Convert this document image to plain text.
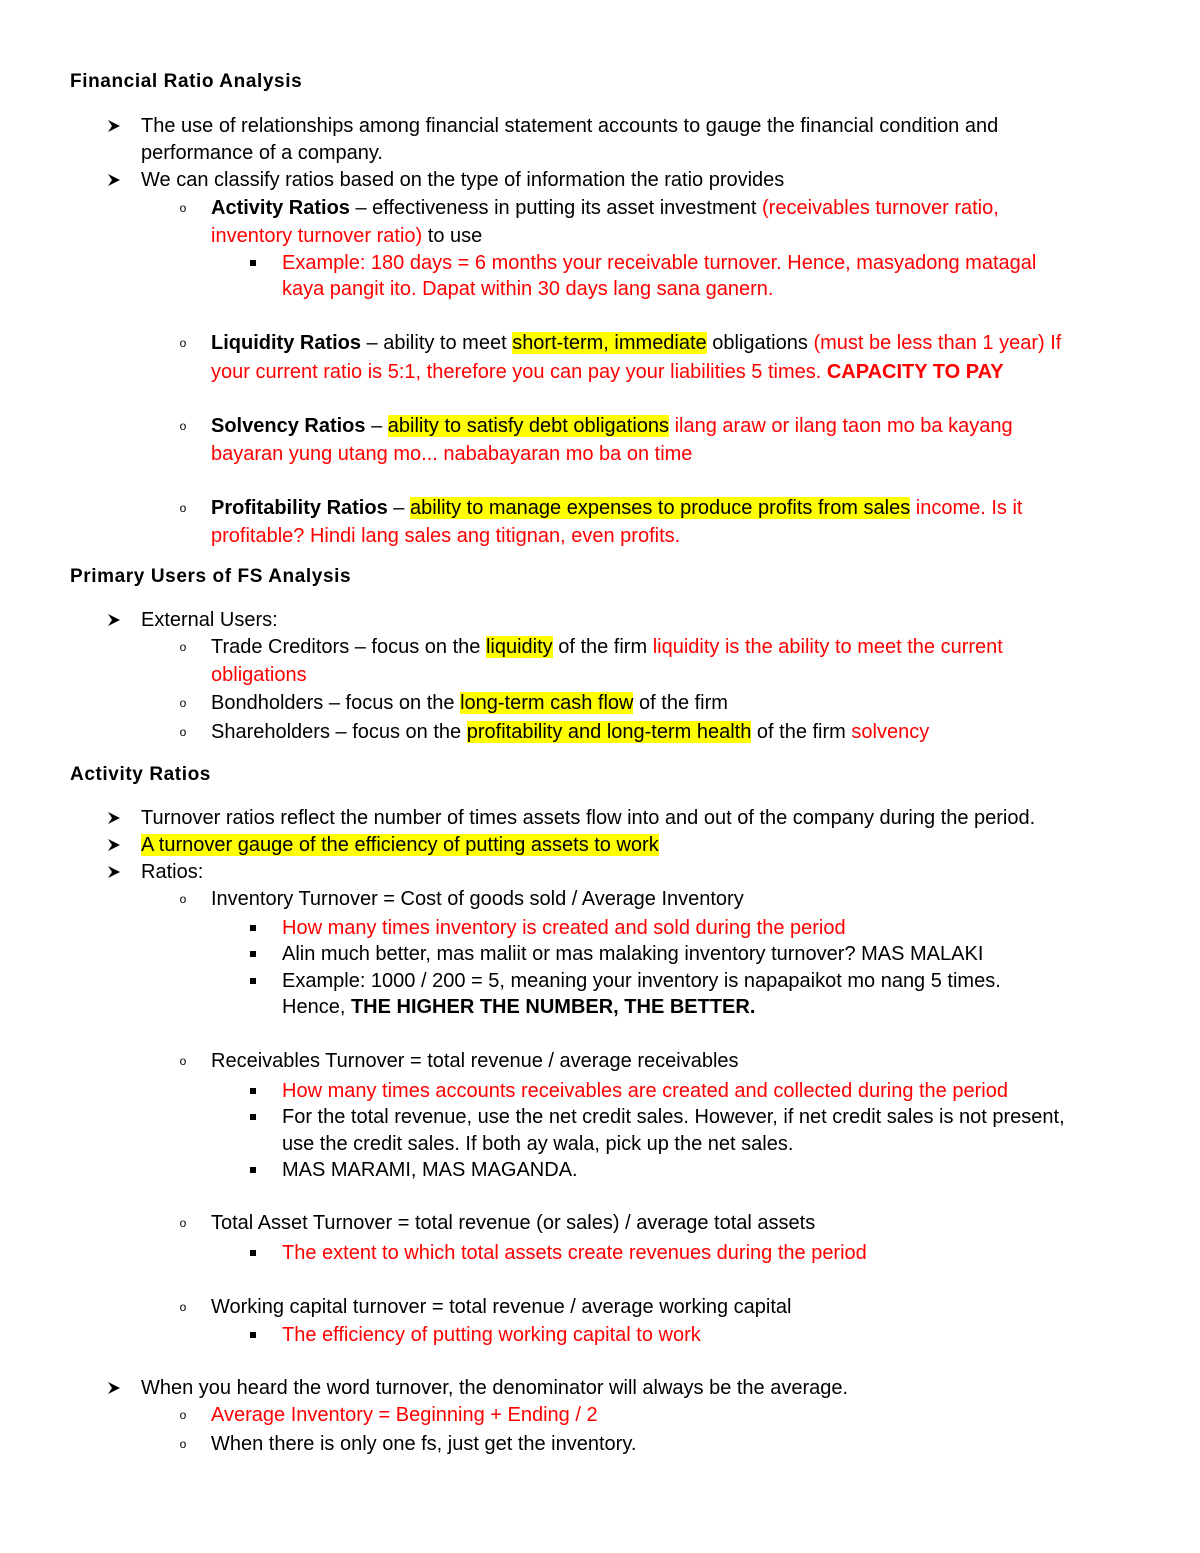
Financial Ratio Analysis
The use of relationships among financial statement accounts to gauge the financial condition and
performance of a company.
We can classify ratios based on the type of information the ratio provides
o	Activity Ratios – effectiveness in putting its asset investment (receivables turnover ratio,
inventory turnover ratio) to use
Example: 180 days = 6 months your receivable turnover. Hence, masyadong matagal
kaya pangit ito. Dapat within 30 days lang sana ganern.
o	Liquidity Ratios – ability to meet short-term, immediate obligations (must be less than 1 year) If
your current ratio is 5:1, therefore you can pay your liabilities 5 times. CAPACITY TO PAY
o	Solvency Ratios – ability to satisfy debt obligations ilang araw or ilang taon mo ba kayang
bayaran yung utang mo... nababayaran mo ba on time
o	Profitability Ratios – ability to manage expenses to produce profits from sales income. Is it
profitable? Hindi lang sales ang titignan, even profits.
Primary Users of FS Analysis
External Users:
o	Trade Creditors – focus on the liquidity of the firm liquidity is the ability to meet the current
obligations
o	Bondholders – focus on the long-term cash flow of the firm
o	Shareholders – focus on the profitability and long-term health of the firm solvency
Activity Ratios
Turnover ratios reflect the number of times assets flow into and out of the company during the period.
A turnover gauge of the efficiency of putting assets to work
Ratios:
o	Inventory Turnover = Cost of goods sold / Average Inventory
How many times inventory is created and sold during the period
Alin much better, mas maliit or mas malaking inventory turnover? MAS MALAKI
Example: 1000 / 200 = 5, meaning your inventory is napapaikot mo nang 5 times.
Hence, THE HIGHER THE NUMBER, THE BETTER.
o	Receivables Turnover = total revenue / average receivables
How many times accounts receivables are created and collected during the period
For the total revenue, use the net credit sales. However, if net credit sales is not present,
use the credit sales. If both ay wala, pick up the net sales.
MAS MARAMI, MAS MAGANDA.
o	Total Asset Turnover = total revenue (or sales) / average total assets
The extent to which total assets create revenues during the period
o	Working capital turnover = total revenue / average working capital
The efficiency of putting working capital to work
When you heard the word turnover, the denominator will always be the average.
o	Average Inventory = Beginning + Ending / 2
o	When there is only one fs, just get the inventory.
